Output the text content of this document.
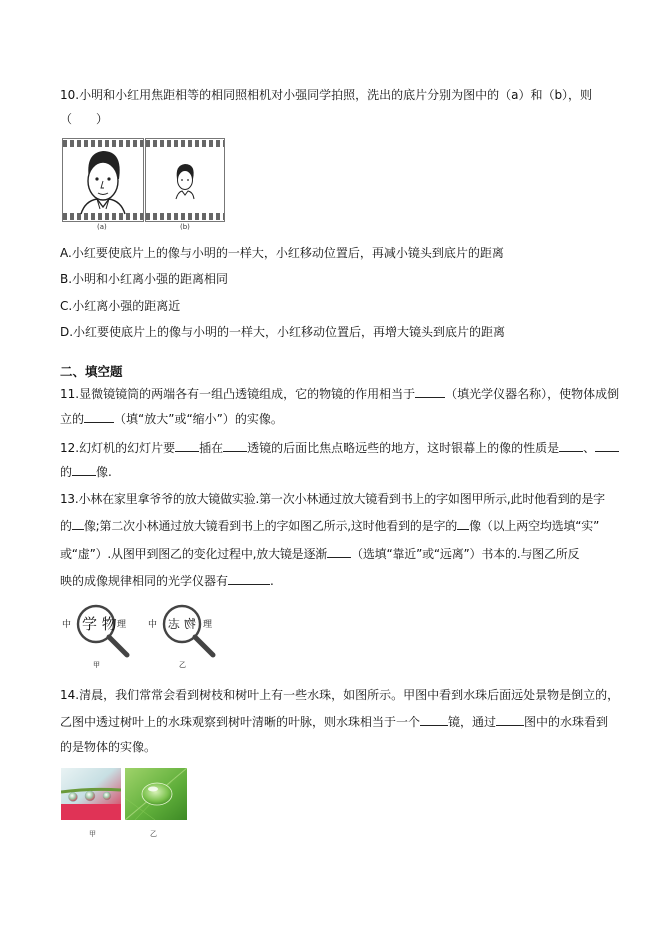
10.小明和小红用焦距相等的相同照相机对小强同学拍照，洗出的底片分别为图中的（a）和（b），则
（　　）
(a)	(b)
A.小红要使底片上的像与小明的一样大，小红移动位置后，再减小镜头到底片的距离
B.小明和小红离小强的距离相同
C.小红离小强的距离近
D.小红要使底片上的像与小明的一样大，小红移动位置后，再增大镜头到底片的距离
二、填空题
11.显微镜镜筒的两端各有一组凸透镜组成，它的物镜的作用相当于	（填光学仪器名称），使物体成倒
立的	（填“放大”或“缩小”）的实像。
12.幻灯机的幻灯片要 插在 透镜的后面比焦点略远些的地方，这时银幕上的像的性质是 、
的 像.
13.小林在家里拿爷爷的放大镜做实验.第一次小林通过放大镜看到书上的字如图甲所示,此时他看到的是字
的 像;第二次小林通过放大镜看到书上的字如图乙所示,这时他看到的是字的 像（以上两空均选填“实”
或“虚”）.从图甲到图乙的变化过程中,放大镜是逐渐 （选填“靠近”或“远离”）书本的.与图乙所反
映的成像规律相同的光学仪器有	.
中 学 物 理
甲
中 物 志 理
乙
14.清晨，我们常常会看到树枝和树叶上有一些水珠，如图所示。甲图中看到水珠后面远处景物是倒立的，
乙图中透过树叶上的水珠观察到树叶清晰的叶脉，则水珠相当于一个 镜，通过 图中的水珠看到
的是物体的实像。
甲	乙
